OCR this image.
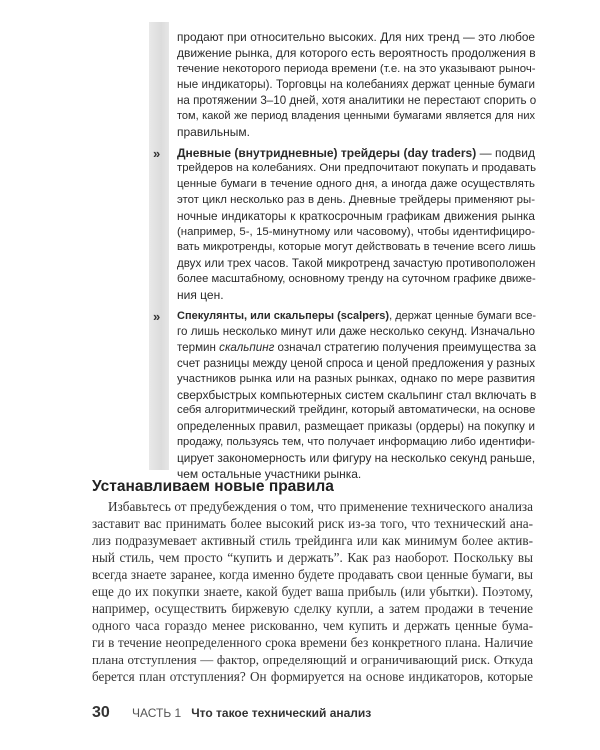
продают при относительно высоких. Для них тренд — это любое
движение рынка, для которого есть вероятность продолжения в
течение некоторого периода времени (т.е. на это указывают рыноч-
ные индикаторы). Торговцы на колебаниях держат ценные бумаги
на протяжении 3–10 дней, хотя аналитики не перестают спорить о
том, какой же период владения ценными бумагами является для них
правильным.
» Дневные (внутридневные) трейдеры (day traders) — подвид
трейдеров на колебаниях. Они предпочитают покупать и продавать
ценные бумаги в течение одного дня, а иногда даже осуществлять
этот цикл несколько раз в день. Дневные трейдеры применяют ры-
ночные индикаторы к краткосрочным графикам движения рынка
(например, 5-, 15-минутному или часовому), чтобы идентифициро-
вать микротренды, которые могут действовать в течение всего лишь
двух или трех часов. Такой микротренд зачастую противоположен
более масштабному, основному тренду на суточном графике движе-
ния цен.
» Спекулянты, или скальперы (scalpers), держат ценные бумаги все-
го лишь несколько минут или даже несколько секунд. Изначально
термин скальпинг означал стратегию получения преимущества за
счет разницы между ценой спроса и ценой предложения у разных
участников рынка или на разных рынках, однако по мере развития
сверхбыстрых компьютерных систем скальпинг стал включать в
себя алгоритмический трейдинг, который автоматически, на основе
определенных правил, размещает приказы (ордеры) на покупку и
продажу, пользуясь тем, что получает информацию либо идентифи-
цирует закономерность или фигуру на несколько секунд раньше,
чем остальные участники рынка.
Устанавливаем новые правила
Избавьтесь от предубеждения о том, что применение технического анализа
заставит вас принимать более высокий риск из-за того, что технический ана-
лиз подразумевает активный стиль трейдинга или как минимум более актив-
ный стиль, чем просто “купить и держать”. Как раз наоборот. Поскольку вы
всегда знаете заранее, когда именно будете продавать свои ценные бумаги, вы
еще до их покупки знаете, какой будет ваша прибыль (или убытки). Поэтому,
например, осуществить биржевую сделку купли, а затем продажи в течение
одного часа гораздо менее рискованно, чем купить и держать ценные бума-
ги в течение неопределенного срока времени без конкретного плана. Наличие
плана отступления — фактор, определяющий и ограничивающий риск. Откуда
берется план отступления? Он формируется на основе индикаторов, которые
30	ЧАСТЬ 1 Что такое технический анализ
